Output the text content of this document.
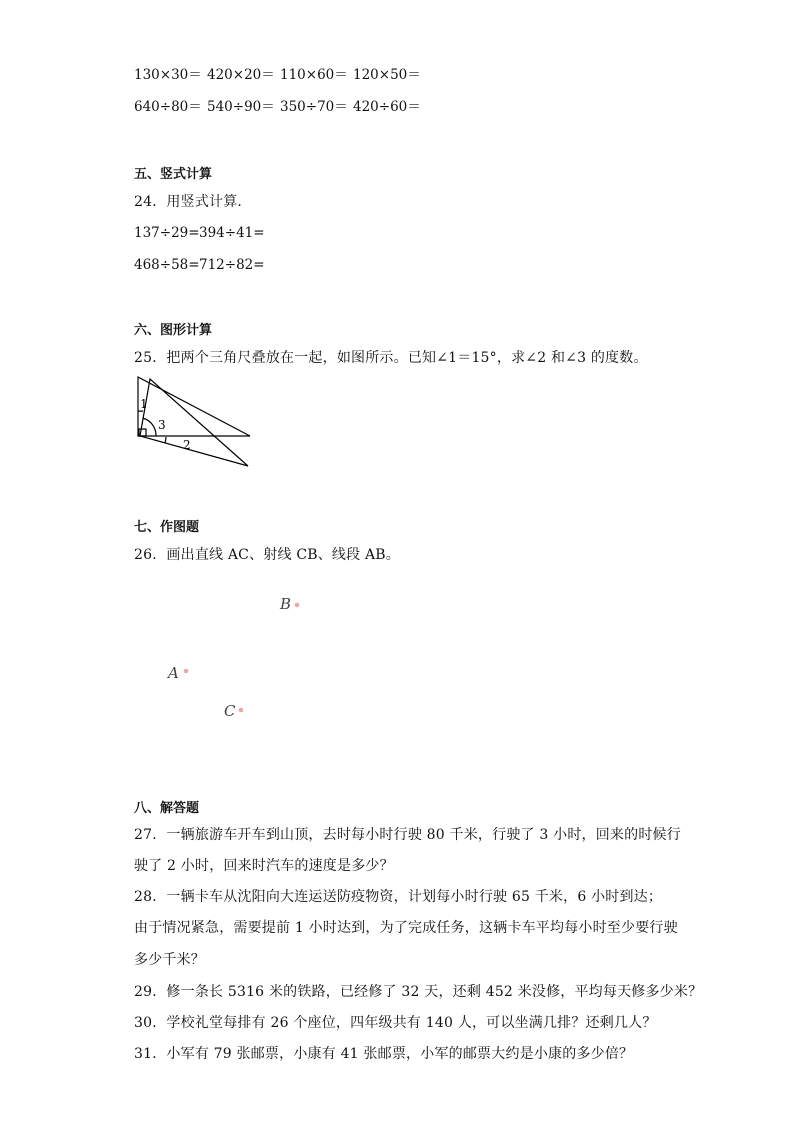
130×30＝ 420×20＝ 110×60＝ 120×50＝
640÷80＝ 540÷90＝ 350÷70＝ 420÷60＝
五、竖式计算
24．用竖式计算．
137÷29=394÷41=
468÷58=712÷82=
六、图形计算
25．把两个三角尺叠放在一起，如图所示。已知∠1＝15°，求∠2 和∠3 的度数。
1
3
2
七、作图题
26．画出直线 AC、射线 CB、线段 AB。
B
A
C
八、解答题
27．一辆旅游车开车到山顶，去时每小时行驶 80 千米，行驶了 3 小时，回来的时候行
驶了 2 小时，回来时汽车的速度是多少？
28．一辆卡车从沈阳向大连运送防疫物资，计划每小时行驶 65 千米，6 小时到达；
由于情况紧急，需要提前 1 小时达到，为了完成任务，这辆卡车平均每小时至少要行驶
多少千米？
29．修一条长 5316 米的铁路，已经修了 32 天，还剩 452 米没修，平均每天修多少米？
30．学校礼堂每排有 26 个座位，四年级共有 140 人，可以坐满几排？还剩几人？
31．小军有 79 张邮票，小康有 41 张邮票，小军的邮票大约是小康的多少倍？
